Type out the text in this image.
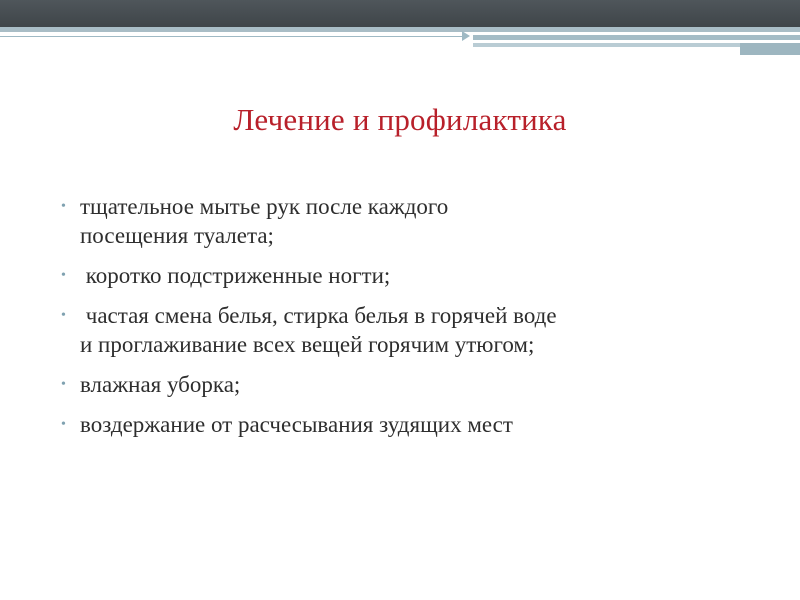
Лечение и профилактика
• тщательное мытье рук после каждого
посещения туалета;
• коротко подстриженные ногти;
• частая смена белья, стирка белья в горячей воде
и проглаживание всех вещей горячим утюгом;
• влажная уборка;
• воздержание от расчесывания зудящих мест
